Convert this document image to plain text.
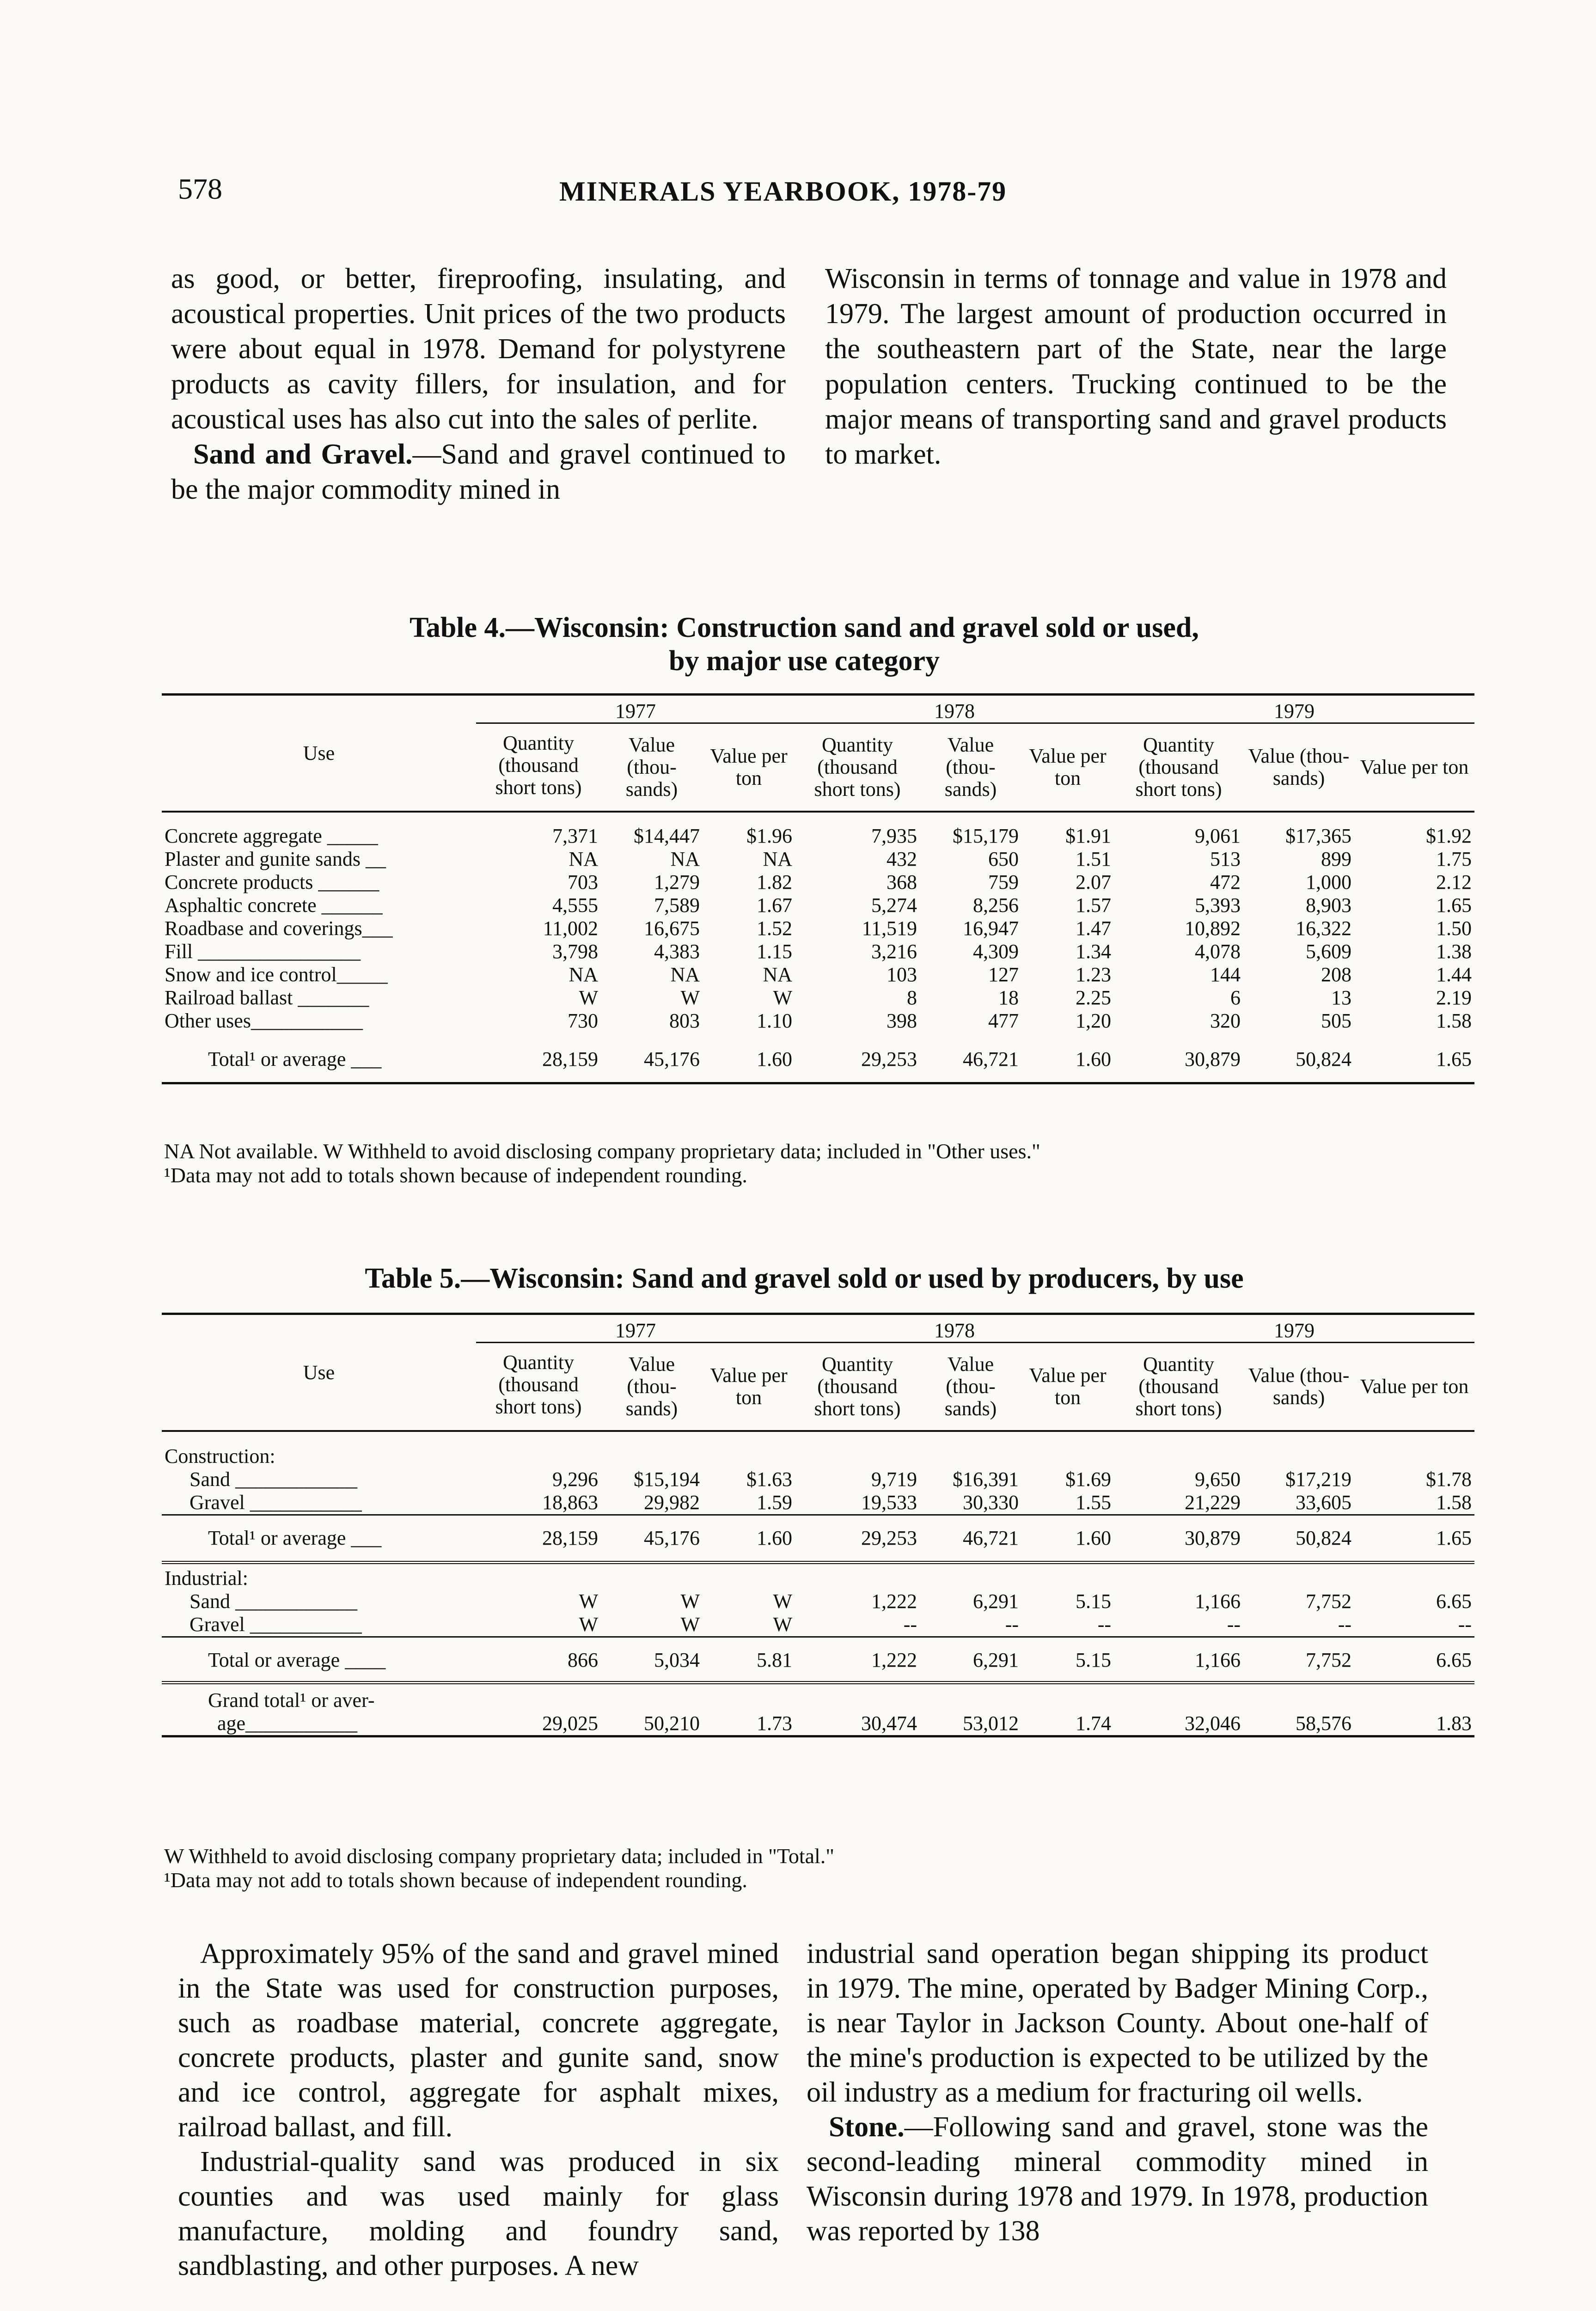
578	MINERALS YEARBOOK, 1978-79

as good, or better, fireproofing, insulating, and acoustical properties. Unit prices of the two products were about equal in 1978. Demand for polystyrene products as cavity fillers, for insulation, and for acoustical uses has also cut into the sales of perlite.

Sand and Gravel.—Sand and gravel continued to be the major commodity mined in

Wisconsin in terms of tonnage and value in 1978 and 1979. The largest amount of production occurred in the southeastern part of the State, near the large population centers. Trucking continued to be the major means of transporting sand and gravel products to market.

Table 4.—Wisconsin: Construction sand and gravel sold or used,
by major use category
Use	1977			1978			1979		
	Quantity (thousand short tons)	Value (thou- sands)	Value per ton	Quantity (thousand short tons)	Value (thou- sands)	Value per ton	Quantity (thousand short tons)	Value (thou- sands)	Value per ton
Concrete aggregate _____	7,371	$14,447	$1.96	7,935	$15,179	$1.91	9,061	$17,365	$1.92
Plaster and gunite sands __	NA	NA	NA	432	650	1.51	513	899	1.75
Concrete products ______	703	1,279	1.82	368	759	2.07	472	1,000	2.12
Asphaltic concrete ______	4,555	7,589	1.67	5,274	8,256	1.57	5,393	8,903	1.65
Roadbase and coverings___	11,002	16,675	1.52	11,519	16,947	1.47	10,892	16,322	1.50
Fill ________________	3,798	4,383	1.15	3,216	4,309	1.34	4,078	5,609	1.38
Snow and ice control_____	NA	NA	NA	103	127	1.23	144	208	1.44
Railroad ballast _______	W	W	W	8	18	2.25	6	13	2.19
Other uses___________	730	803	1.10	398	477	1,20	320	505	1.58
Total¹ or average ___	28,159	45,176	1.60	29,253	46,721	1.60	30,879	50,824	1.65
NA Not available. W Withheld to avoid disclosing company proprietary data; included in "Other uses."
¹Data may not add to totals shown because of independent rounding.
Table 5.—Wisconsin: Sand and gravel sold or used by producers, by use
Use	1977			1978			1979		
	Quantity (thousand short tons)	Value (thou- sands)	Value per ton	Quantity (thousand short tons)	Value (thou- sands)	Value per ton	Quantity (thousand short tons)	Value (thou- sands)	Value per ton
Construction:									
Sand ____________	9,296	$15,194	$1.63	9,719	$16,391	$1.69	9,650	$17,219	$1.78
Gravel ___________	18,863	29,982	1.59	19,533	30,330	1.55	21,229	33,605	1.58
Total¹ or average ___	28,159	45,176	1.60	29,253	46,721	1.60	30,879	50,824	1.65

Industrial:									
Sand ____________	W	W	W	1,222	6,291	5.15	1,166	7,752	6.65
Gravel ___________	W	W	W	--	--	--	--	--	--
Total or average ____	866	5,034	5.81	1,222	6,291	5.15	1,166	7,752	6.65

Grand total¹ or aver-									
age___________	29,025	50,210	1.73	30,474	53,012	1.74	32,046	58,576	1.83
W Withheld to avoid disclosing company proprietary data; included in "Total."
¹Data may not add to totals shown because of independent rounding.

Approximately 95% of the sand and gravel mined in the State was used for construction purposes, such as roadbase material, concrete aggregate, concrete products, plaster and gunite sand, snow and ice control, aggregate for asphalt mixes, railroad ballast, and fill.

Industrial-quality sand was produced in six counties and was used mainly for glass manufacture, molding and foundry sand, sandblasting, and other purposes. A new

industrial sand operation began shipping its product in 1979. The mine, operated by Badger Mining Corp., is near Taylor in Jackson County. About one-half of the mine's production is expected to be utilized by the oil industry as a medium for fracturing oil wells.

Stone.—Following sand and gravel, stone was the second-leading mineral commodity mined in Wisconsin during 1978 and 1979. In 1978, production was reported by 138
